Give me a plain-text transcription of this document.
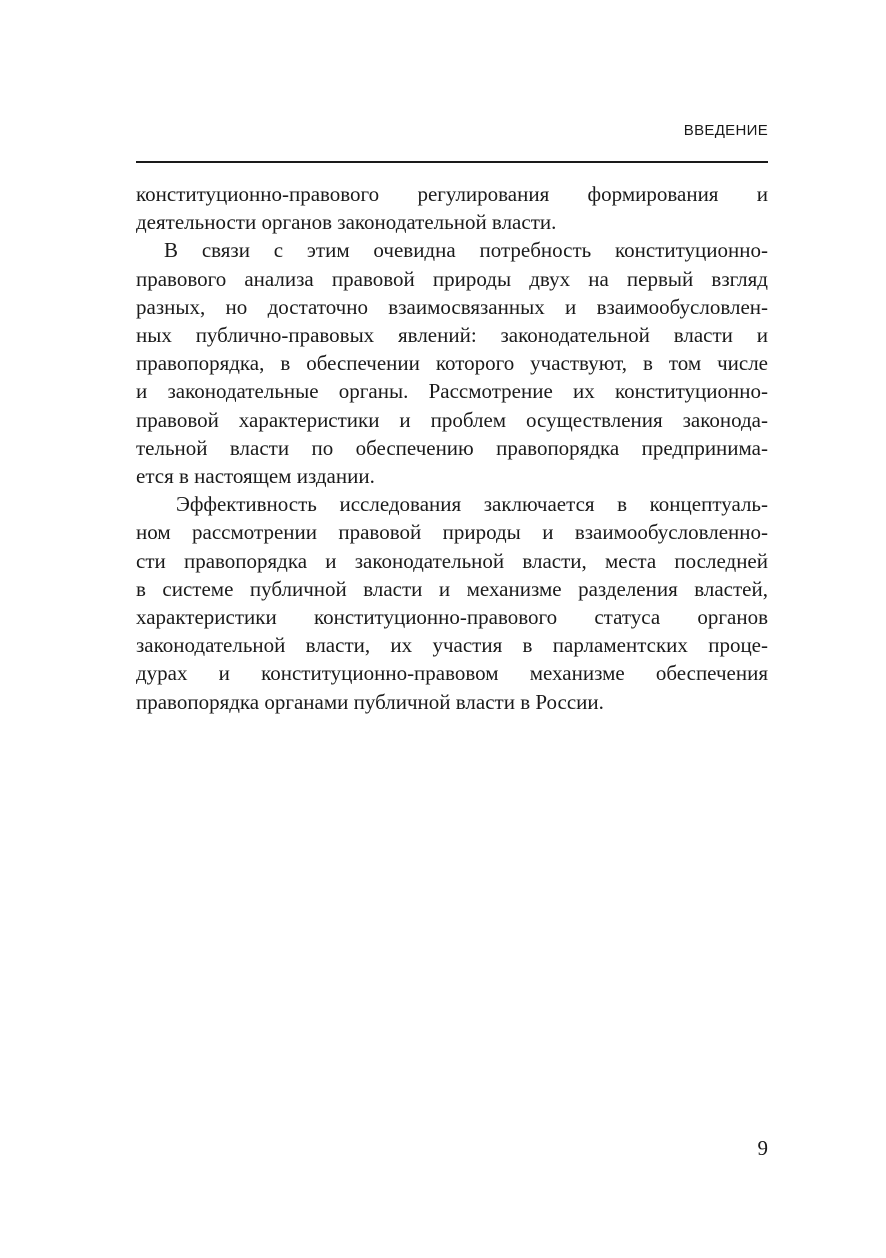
ВВЕДЕНИЕ
конституционно-правового регулирования формирования и
деятельности органов законодательной власти.
В связи с этим очевидна потребность конституционно-
правового анализа правовой природы двух на первый взгляд
разных, но достаточно взаимосвязанных и взаимообусловлен-
ных публично-правовых явлений: законодательной власти и
правопорядка, в обеспечении которого участвуют, в том числе
и законодательные органы. Рассмотрение их конституционно-
правовой характеристики и проблем осуществления законода-
тельной власти по обеспечению правопорядка предпринима-
ется в настоящем издании.
Эффективность исследования заключается в концептуаль-
ном рассмотрении правовой природы и взаимообусловленно-
сти правопорядка и законодательной власти, места последней
в системе публичной власти и механизме разделения властей,
характеристики конституционно-правового статуса органов
законодательной власти, их участия в парламентских проце-
дурах и конституционно-правовом механизме обеспечения
правопорядка органами публичной власти в России.
9
